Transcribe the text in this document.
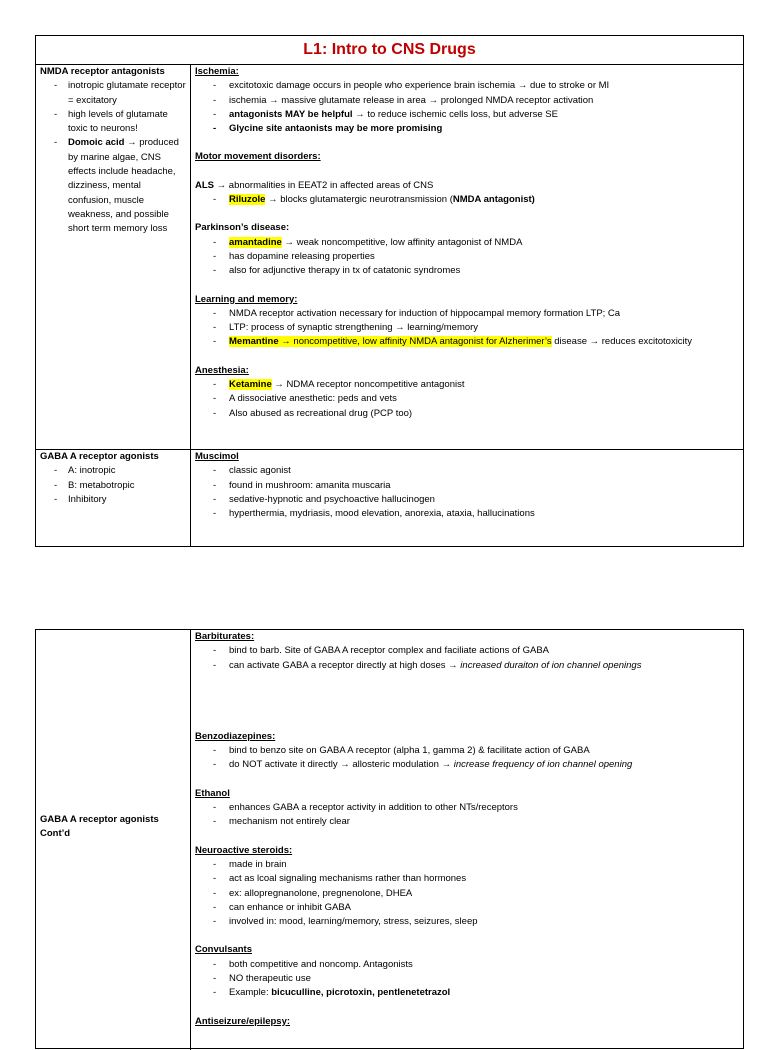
L1: Intro to CNS Drugs
NMDA receptor antagonists
- inotropic glutamate receptor = excitatory
- high levels of glutamate toxic to neurons!
- Domoic acid → produced by marine algae, CNS effects include headache, dizziness, mental confusion, muscle weakness, and possible short term memory loss
Ischemia:
- excitotoxic damage occurs in people who experience brain ischemia → due to stroke or MI
- ischemia → massive glutamate release in area → prolonged NMDA receptor activation
- antagonists MAY be helpful → to reduce ischemic cells loss, but adverse SE
- Glycine site antaonists may be more promising
Motor movement disorders:
ALS → abnormalities in EEAT2 in affected areas of CNS
- Riluzole → blocks glutamatergic neurotransmission (NMDA antagonist)
Parkinson’s disease:
- amantadine → weak noncompetitive, low affinity antagonist of NMDA
- has dopamine releasing properties
- also for adjunctive therapy in tx of catatonic syndromes
Learning and memory:
- NMDA receptor activation necessary for induction of hippocampal memory formation LTP; Ca
- LTP: process of synaptic strengthening → learning/memory
- Memantine → noncompetitive, low affinity NMDA antagonist for Alzherimer’s disease → reduces excitotoxicity
Anesthesia:
- Ketamine → NDMA receptor noncompetitive antagonist
- A dissociative anesthetic: peds and vets
- Also abused as recreational drug (PCP too)
GABA A receptor agonists
- A: inotropic
- B: metabotropic
- Inhibitory
Muscimol
- classic agonist
- found in mushroom: amanita muscaria
- sedative-hypnotic and psychoactive hallucinogen
- hyperthermia, mydriasis, mood elevation, anorexia, ataxia, hallucinations
GABA A receptor agonists
Cont’d
Barbiturates:
- bind to barb. Site of GABA A receptor complex and faciliate actions of GABA
- can activate GABA a receptor directly at high doses → increased duraiton of ion channel openings
Benzodiazepines:
- bind to benzo site on GABA A receptor (alpha 1, gamma 2) & facilitate action of GABA
- do NOT activate it directly → allosteric modulation → increase frequency of ion channel opening
Ethanol
- enhances GABA a receptor activity in addition to other NTs/receptors
- mechanism not entirely clear
Neuroactive steroids:
- made in brain
- act as lcoal signaling mechanisms rather than hormones
- ex: allopregnanolone, pregnenolone, DHEA
- can enhance or inhibit GABA
- involved in: mood, learning/memory, stress, seizures, sleep
Convulsants
- both competitive and noncomp. Antagonists
- NO therapeutic use
- Example: bicuculline, picrotoxin, pentlenetetrazol
Antiseizure/epilepsy:
